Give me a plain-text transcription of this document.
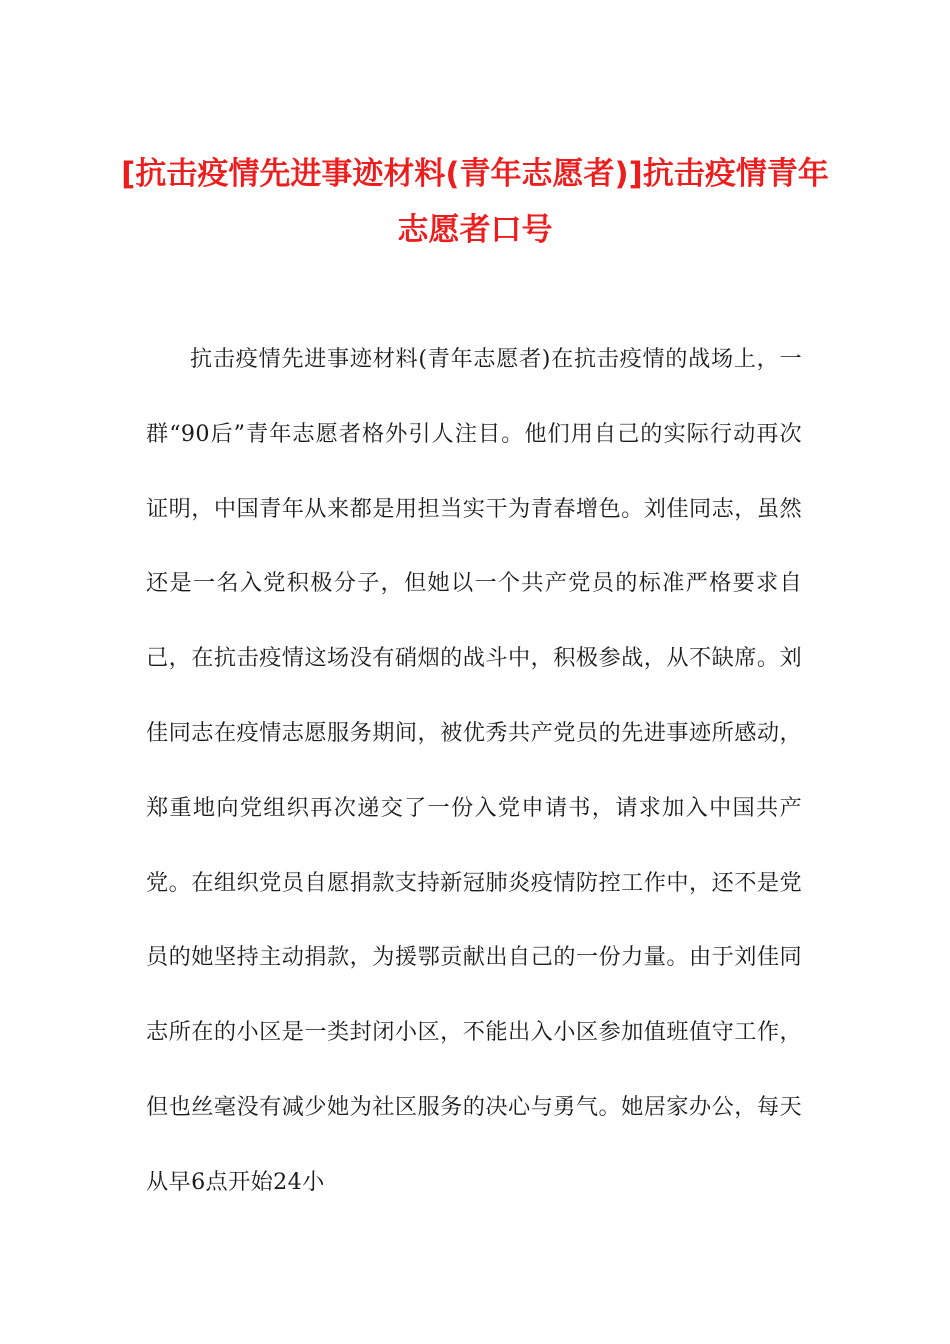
[抗击疫情先进事迹材料(青年志愿者)]抗击疫情青年志愿者口号

抗击疫情先进事迹材料(青年志愿者)在抗击疫情的战场上，一群“90后”青年志愿者格外引人注目。他们用自己的实际行动再次证明，中国青年从来都是用担当实干为青春增色。刘佳同志，虽然还是一名入党积极分子，但她以一个共产党员的标准严格要求自己，在抗击疫情这场没有硝烟的战斗中，积极参战，从不缺席。刘佳同志在疫情志愿服务期间，被优秀共产党员的先进事迹所感动，郑重地向党组织再次递交了一份入党申请书，请求加入中国共产党。在组织党员自愿捐款支持新冠肺炎疫情防控工作中，还不是党员的她坚持主动捐款，为援鄂贡献出自己的一份力量。由于刘佳同志所在的小区是一类封闭小区，不能出入小区参加值班值守工作，但也丝毫没有减少她为社区服务的决心与勇气。她居家办公，每天从早6点开始24小
